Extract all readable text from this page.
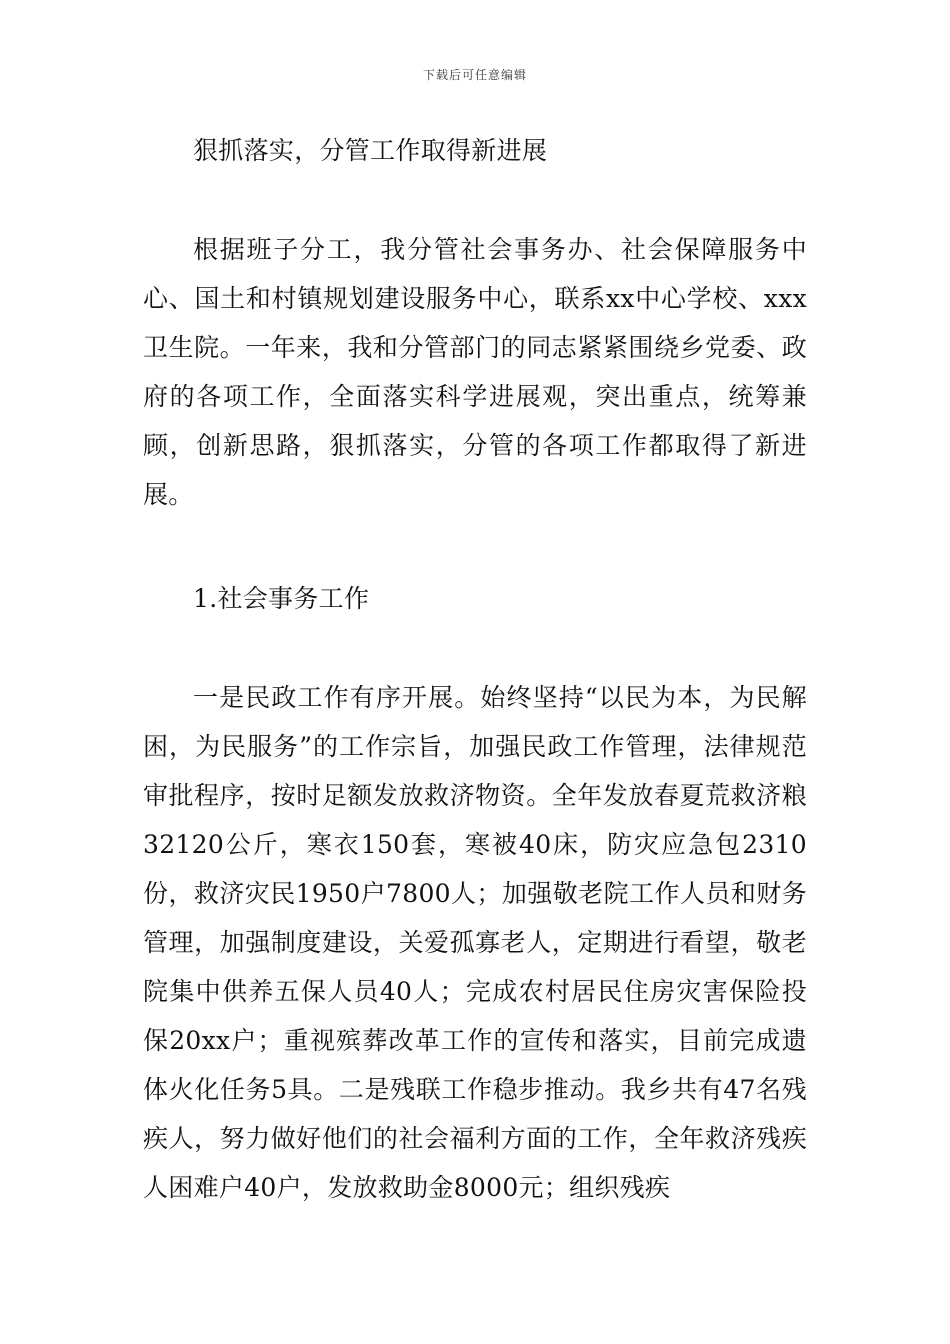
下载后可任意编辑

狠抓落实，分管工作取得新进展

根据班子分工，我分管社会事务办、社会保障服务中心、国土和村镇规划建设服务中心，联系xx中心学校、xxx卫生院。一年来，我和分管部门的同志紧紧围绕乡党委、政府的各项工作，全面落实科学进展观，突出重点，统筹兼顾，创新思路，狠抓落实，分管的各项工作都取得了新进展。

1.社会事务工作

一是民政工作有序开展。始终坚持“以民为本，为民解困，为民服务”的工作宗旨，加强民政工作管理，法律规范审批程序，按时足额发放救济物资。全年发放春夏荒救济粮32120公斤，寒衣150套，寒被40床，防灾应急包2310份，救济灾民1950户7800人；加强敬老院工作人员和财务管理，加强制度建设，关爱孤寡老人，定期进行看望，敬老院集中供养五保人员40人；完成农村居民住房灾害保险投保20xx户；重视殡葬改革工作的宣传和落实，目前完成遗体火化任务5具。二是残联工作稳步推动。我乡共有47名残疾人，努力做好他们的社会福利方面的工作，全年救济残疾人困难户40户，发放救助金8000元；组织残疾
